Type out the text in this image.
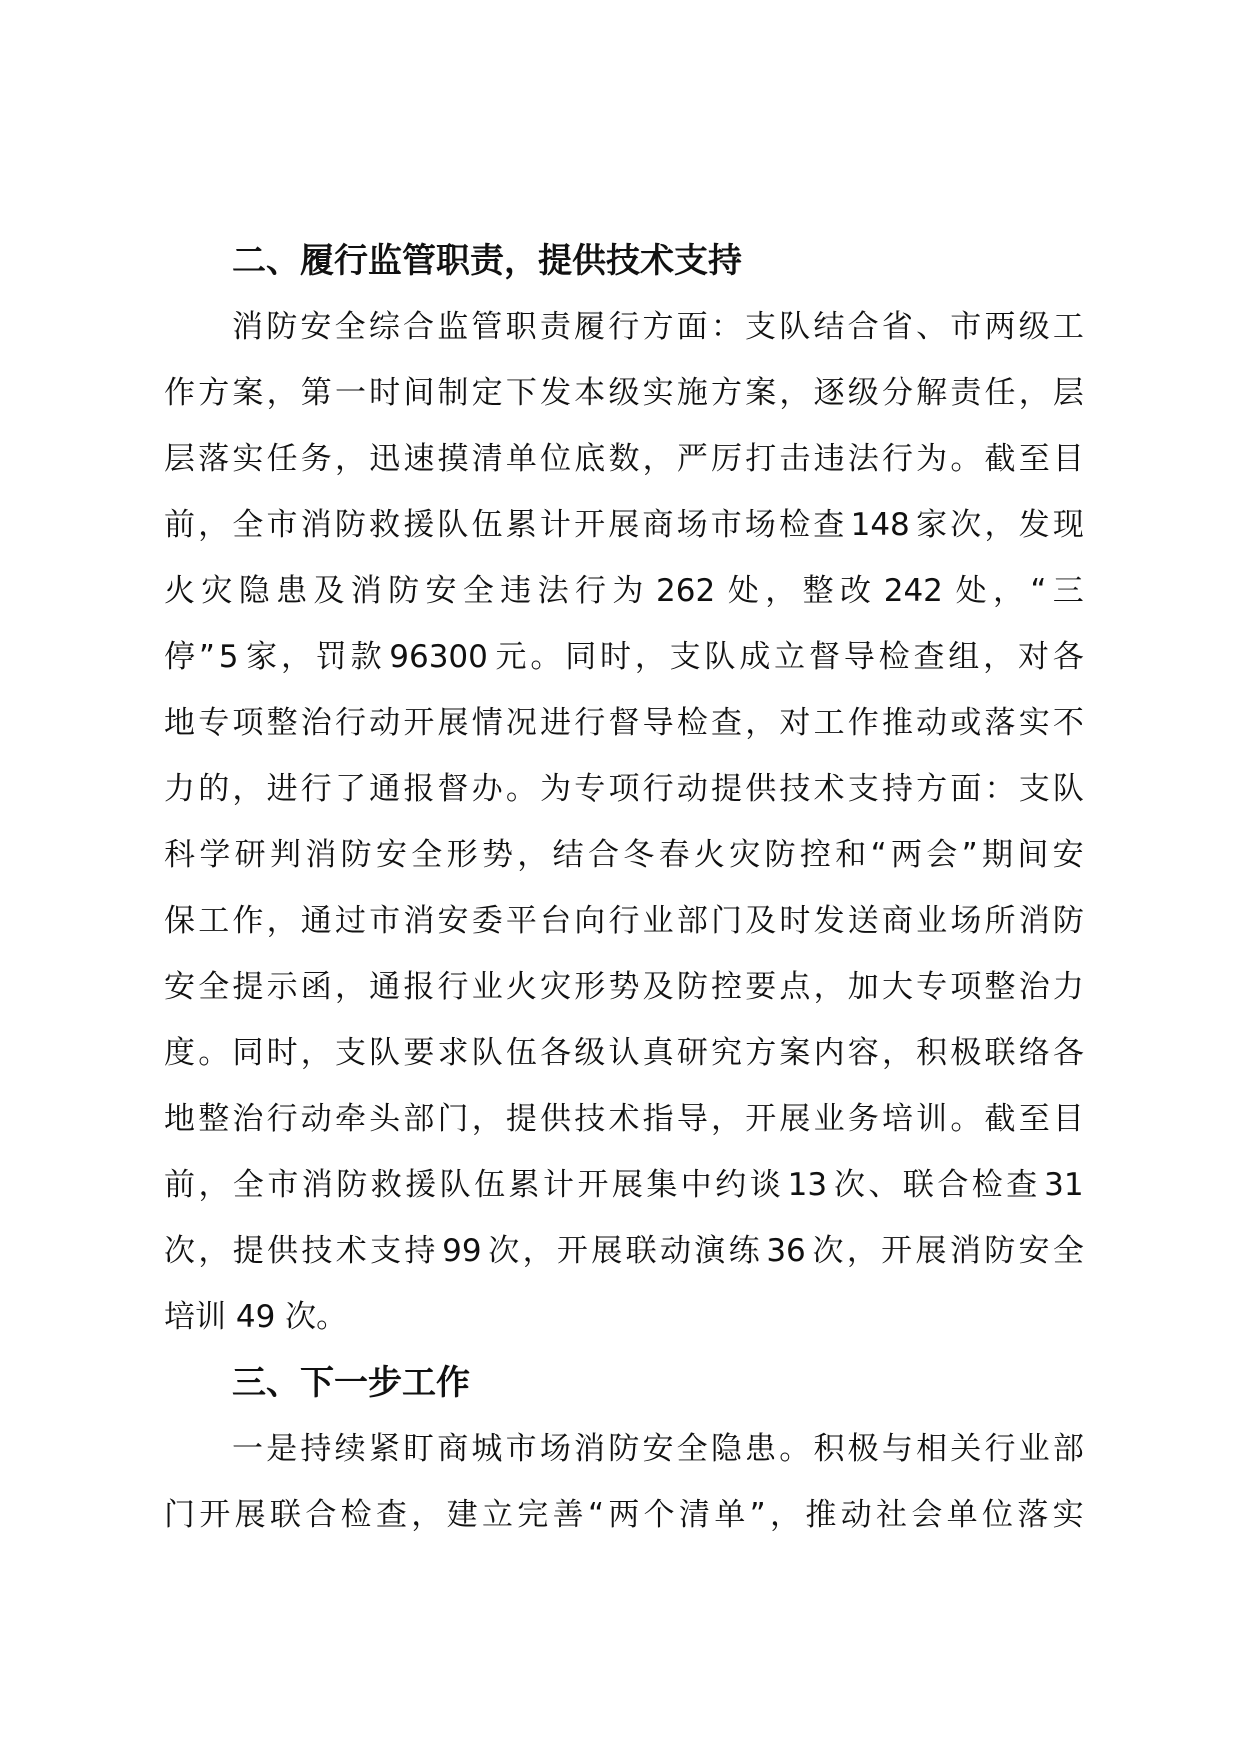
二、履行监管职责，提供技术支持
消 防 安 全 综 合 监 管 职 责 履 行 方 面 ： 支 队 结 合 省 、 市 两 级 工
作 方 案 ， 第 一 时 间 制 定 下 发 本 级 实 施 方 案 ， 逐 级 分 解 责 任 ， 层
层 落 实 任 务 ， 迅 速 摸 清 单 位 底 数 ， 严 厉 打 击 违 法 行 为 。 截 至 目
前 ， 全 市 消 防 救 援 队 伍 累 计 开 展 商 场 市 场 检 查 148 家 次 ， 发 现
火 灾 隐 患 及 消 防 安 全 违 法 行 为 262 处 ， 整 改 242 处 ， “ 三
停 ” 5 家 ， 罚 款 96300 元 。 同 时 ， 支 队 成 立 督 导 检 查 组 ， 对 各
地 专 项 整 治 行 动 开 展 情 况 进 行 督 导 检 查 ， 对 工 作 推 动 或 落 实 不
力 的 ， 进 行 了 通 报 督 办 。 为 专 项 行 动 提 供 技 术 支 持 方 面 ： 支 队
科 学 研 判 消 防 安 全 形 势 ， 结 合 冬 春 火 灾 防 控 和 “ 两 会 ” 期 间 安
保 工 作 ， 通 过 市 消 安 委 平 台 向 行 业 部 门 及 时 发 送 商 业 场 所 消 防
安 全 提 示 函 ， 通 报 行 业 火 灾 形 势 及 防 控 要 点 ， 加 大 专 项 整 治 力
度 。 同 时 ， 支 队 要 求 队 伍 各 级 认 真 研 究 方 案 内 容 ， 积 极 联 络 各
地 整 治 行 动 牵 头 部 门 ， 提 供 技 术 指 导 ， 开 展 业 务 培 训 。 截 至 目
前 ， 全 市 消 防 救 援 队 伍 累 计 开 展 集 中 约 谈 13 次 、 联 合 检 查 31
次 ， 提 供 技 术 支 持 99 次 ， 开 展 联 动 演 练 36 次 ， 开 展 消 防 安 全
培训 49 次。
三、下一步工作
一 是 持 续 紧 盯 商 城 市 场 消 防 安 全 隐 患 。 积 极 与 相 关 行 业 部
门 开 展 联 合 检 查 ， 建 立 完 善 “ 两 个 清 单 ” ， 推 动 社 会 单 位 落 实
